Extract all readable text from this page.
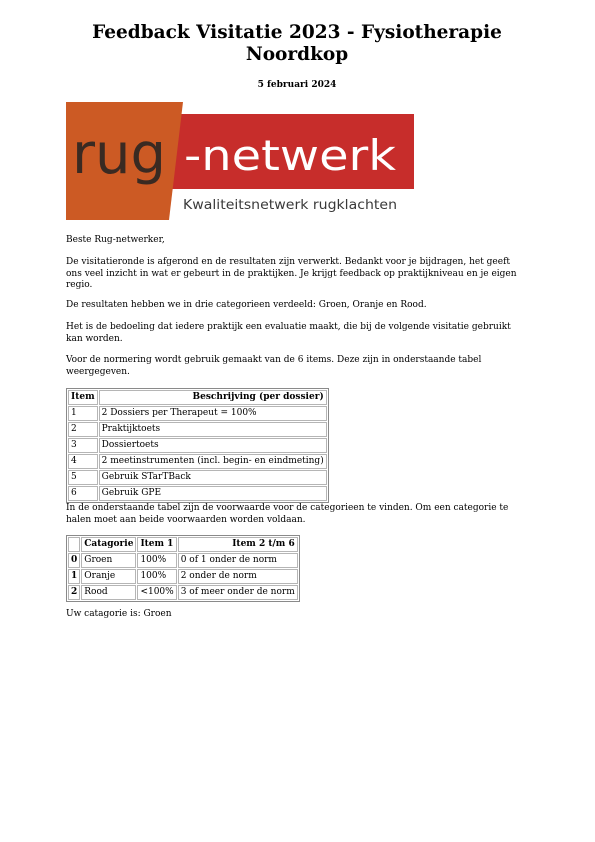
Feedback Visitatie 2023 - Fysiotherapie Noordkop
5 februari 2024
rug -netwerk
Kwaliteitsnetwerk rugklachten

Beste Rug-netwerker,

De visitatieronde is afgerond en de resultaten zijn verwerkt. Bedankt voor je bijdragen, het geeft ons veel inzicht in wat er gebeurt in de praktijken. Je krijgt feedback op praktijkniveau en je eigen regio.

De resultaten hebben we in drie categorieen verdeeld: Groen, Oranje en Rood.

Het is de bedoeling dat iedere praktijk een evaluatie maakt, die bij de volgende visitatie gebruikt kan worden.

Voor de normering wordt gebruik gemaakt van de 6 items. Deze zijn in onderstaande tabel weergegeven.

Item	Beschrijving (per dossier)
1	2 Dossiers per Therapeut = 100%
2	Praktijktoets
3	Dossiertoets
4	2 meetinstrumenten (incl. begin- en eindmeting)
5	Gebruik STarTBack
6	Gebruik GPE

In de onderstaande tabel zijn de voorwaarde voor de categorieen te vinden. Om een categorie te halen moet aan beide voorwaarden worden voldaan.

	Catagorie	Item 1	Item 2 t/m 6
0	Groen	100%	0 of 1 onder de norm
1	Oranje	100%	2 onder de norm
2	Rood	<100%	3 of meer onder de norm

Uw catagorie is: Groen
